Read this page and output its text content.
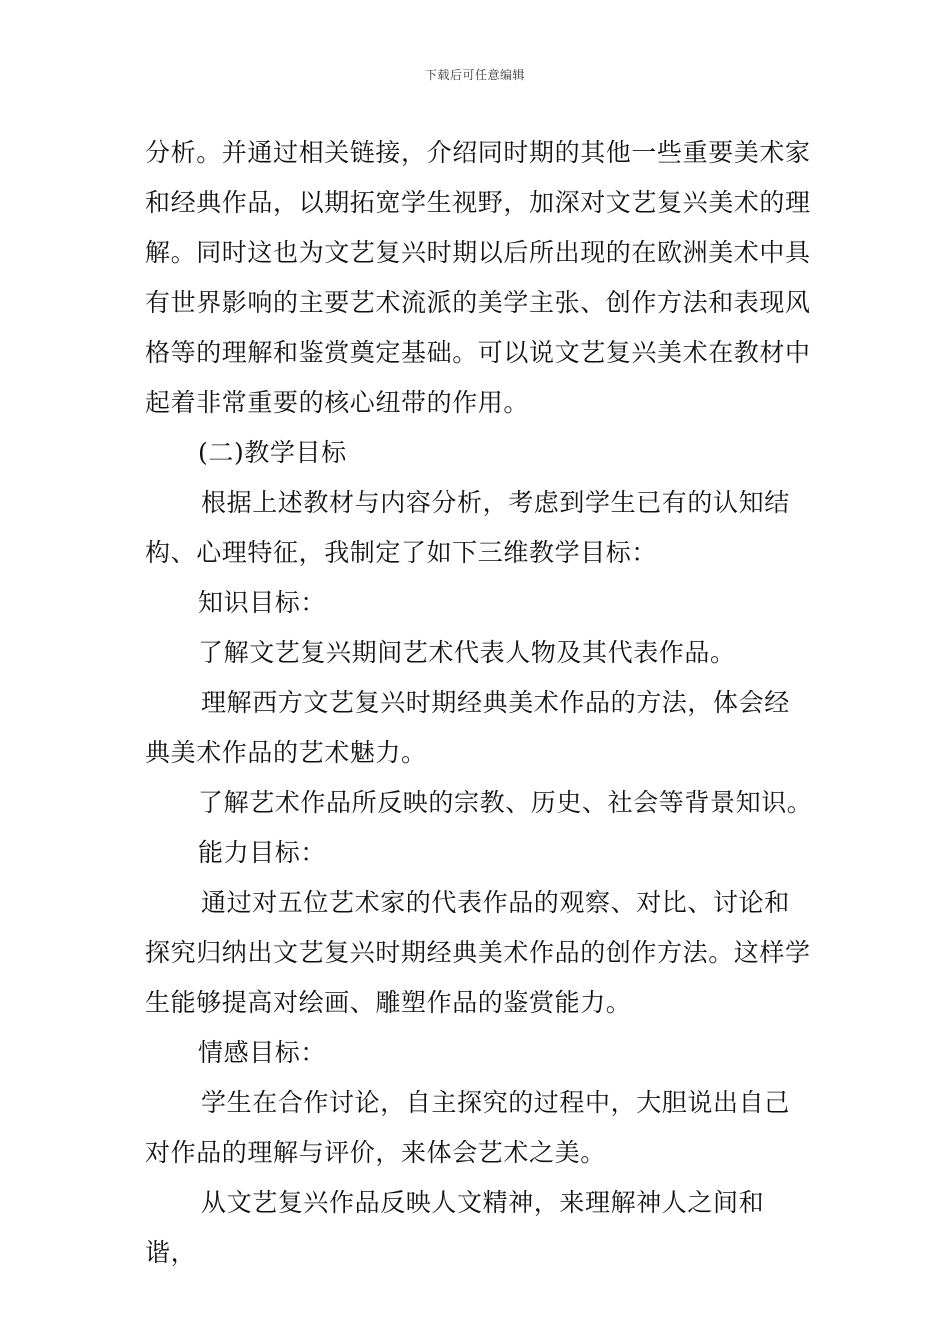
下载后可任意编辑

分析。并通过相关链接，介绍同时期的其他一些重要美术家和经典作品，以期拓宽学生视野，加深对文艺复兴美术的理解。同时这也为文艺复兴时期以后所出现的在欧洲美术中具有世界影响的主要艺术流派的美学主张、创作方法和表现风格等的理解和鉴赏奠定基础。可以说文艺复兴美术在教材中起着非常重要的核心纽带的作用。

(二)教学目标

根据上述教材与内容分析，考虑到学生已有的认知结构、心理特征，我制定了如下三维教学目标：

知识目标：

了解文艺复兴期间艺术代表人物及其代表作品。

理解西方文艺复兴时期经典美术作品的方法，体会经典美术作品的艺术魅力。

了解艺术作品所反映的宗教、历史、社会等背景知识。

能力目标：

通过对五位艺术家的代表作品的观察、对比、讨论和探究归纳出文艺复兴时期经典美术作品的创作方法。这样学生能够提高对绘画、雕塑作品的鉴赏能力。

情感目标：

学生在合作讨论，自主探究的过程中，大胆说出自己对作品的理解与评价，来体会艺术之美。

从文艺复兴作品反映人文精神，来理解神人之间和谐，
